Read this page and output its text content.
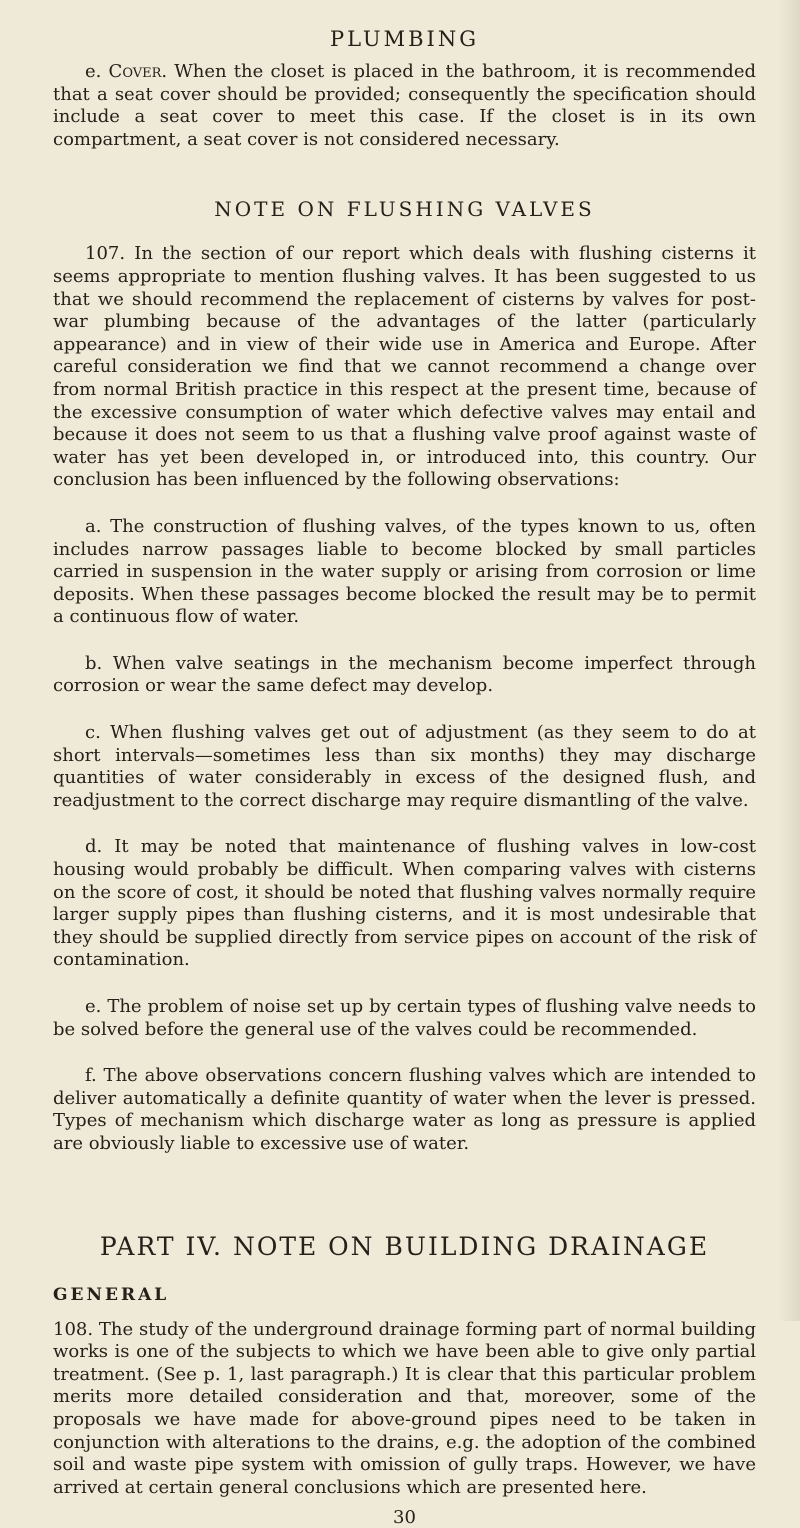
PLUMBING

e. Cover. When the closet is placed in the bathroom, it is recommended that a seat cover should be provided; consequently the specification should include a seat cover to meet this case. If the closet is in its own compartment, a seat cover is not considered necessary.

NOTE ON FLUSHING VALVES

107. In the section of our report which deals with flushing cisterns it seems appropriate to mention flushing valves. It has been suggested to us that we should recommend the replacement of cisterns by valves for post-war plumbing because of the advantages of the latter (particularly appearance) and in view of their wide use in America and Europe. After careful consideration we find that we cannot recommend a change over from normal British practice in this respect at the present time, because of the excessive consumption of water which defective valves may entail and because it does not seem to us that a flushing valve proof against waste of water has yet been developed in, or introduced into, this country. Our conclusion has been influenced by the following observations:

a. The construction of flushing valves, of the types known to us, often includes narrow passages liable to become blocked by small particles carried in suspension in the water supply or arising from corrosion or lime deposits. When these passages become blocked the result may be to permit a continuous flow of water.

b. When valve seatings in the mechanism become imperfect through corrosion or wear the same defect may develop.

c. When flushing valves get out of adjustment (as they seem to do at short intervals—sometimes less than six months) they may discharge quantities of water considerably in excess of the designed flush, and readjustment to the correct discharge may require dismantling of the valve.

d. It may be noted that maintenance of flushing valves in low-cost housing would probably be difficult. When comparing valves with cisterns on the score of cost, it should be noted that flushing valves normally require larger supply pipes than flushing cisterns, and it is most undesirable that they should be supplied directly from service pipes on account of the risk of contamination.

e. The problem of noise set up by certain types of flushing valve needs to be solved before the general use of the valves could be recommended.

f. The above observations concern flushing valves which are intended to deliver automatically a definite quantity of water when the lever is pressed. Types of mechanism which discharge water as long as pressure is applied are obviously liable to excessive use of water.

PART IV. NOTE ON BUILDING DRAINAGE
GENERAL

108. The study of the underground drainage forming part of normal building works is one of the subjects to which we have been able to give only partial treatment. (See p. 1, last paragraph.) It is clear that this particular problem merits more detailed consideration and that, moreover, some of the proposals we have made for above-ground pipes need to be taken in conjunction with alterations to the drains, e.g. the adoption of the combined soil and waste pipe system with omission of gully traps. However, we have arrived at certain general conclusions which are presented here.

30
